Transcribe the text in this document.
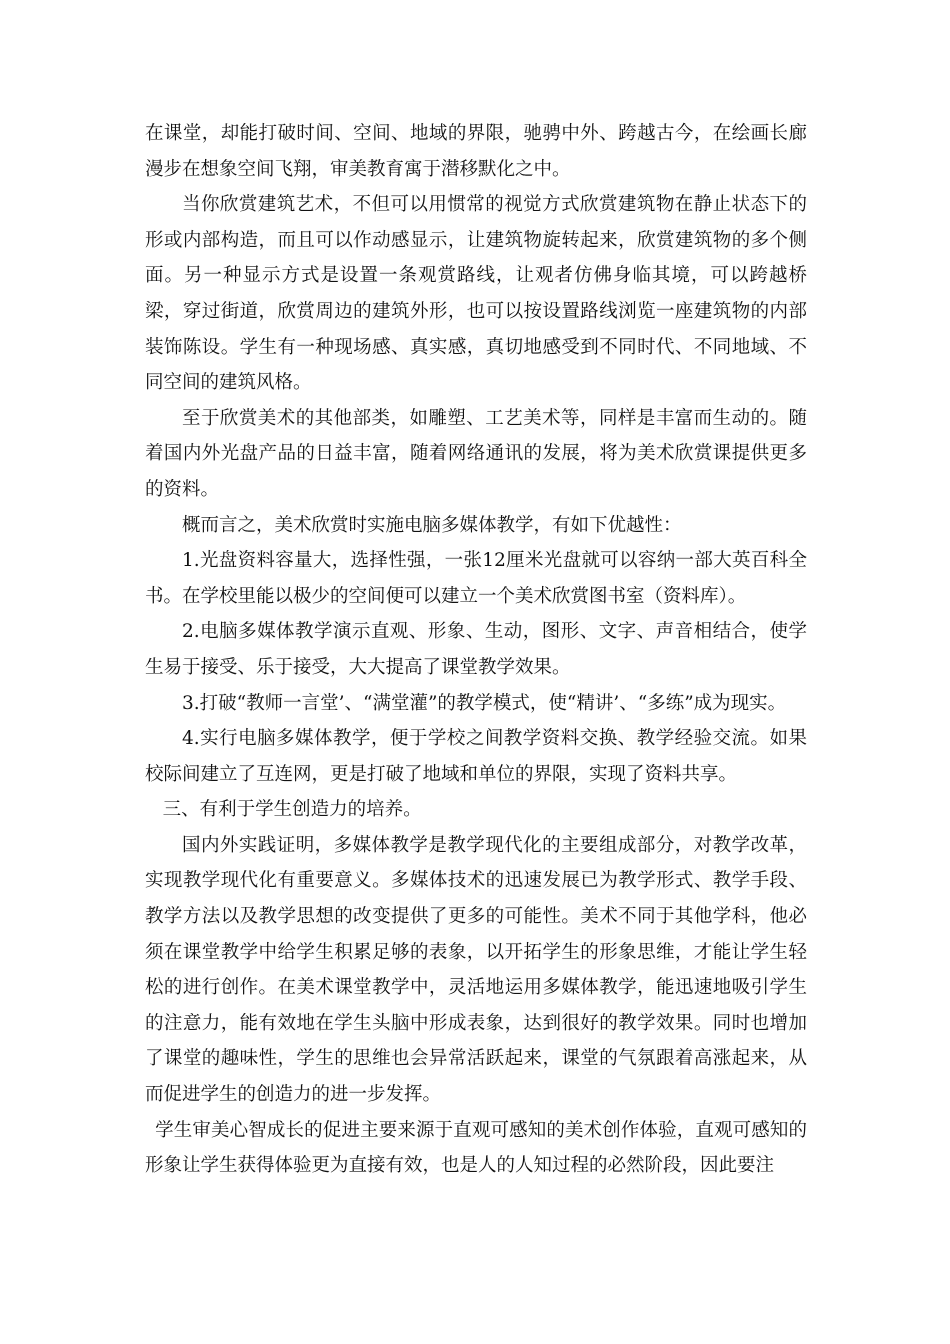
在课堂，却能打破时间、空间、地域的界限，驰骋中外、跨越古今，在绘画长廊漫步在想象空间飞翔，审美教育寓于潜移默化之中。

当你欣赏建筑艺术，不但可以用惯常的视觉方式欣赏建筑物在静止状态下的形或内部构造，而且可以作动感显示，让建筑物旋转起来，欣赏建筑物的多个侧面。另一种显示方式是设置一条观赏路线，让观者仿佛身临其境，可以跨越桥梁，穿过街道，欣赏周边的建筑外形，也可以按设置路线浏览一座建筑物的内部装饰陈设。学生有一种现场感、真实感，真切地感受到不同时代、不同地域、不同空间的建筑风格。

至于欣赏美术的其他部类，如雕塑、工艺美术等，同样是丰富而生动的。随着国内外光盘产品的日益丰富，随着网络通讯的发展，将为美术欣赏课提供更多的资料。

概而言之，美术欣赏时实施电脑多媒体教学，有如下优越性：

1.光盘资料容量大，选择性强，一张12厘米光盘就可以容纳一部大英百科全书。在学校里能以极少的空间便可以建立一个美术欣赏图书室（资料库）。

2.电脑多媒体教学演示直观、形象、生动，图形、文字、声音相结合，使学生易于接受、乐于接受，大大提高了课堂教学效果。

3.打破“教师一言堂’、“满堂灌”的教学模式，使“精讲’、“多练”成为现实。

4.实行电脑多媒体教学，便于学校之间教学资料交换、教学经验交流。如果校际间建立了互连网，更是打破了地域和单位的界限，实现了资料共享。

三、有利于学生创造力的培养。

国内外实践证明，多媒体教学是教学现代化的主要组成部分，对教学改革，实现教学现代化有重要意义。多媒体技术的迅速发展已为教学形式、教学手段、教学方法以及教学思想的改变提供了更多的可能性。美术不同于其他学科，他必须在课堂教学中给学生积累足够的表象，以开拓学生的形象思维，才能让学生轻松的进行创作。在美术课堂教学中，灵活地运用多媒体教学，能迅速地吸引学生的注意力，能有效地在学生头脑中形成表象，达到很好的教学效果。同时也增加了课堂的趣味性，学生的思维也会异常活跃起来，课堂的气氛跟着高涨起来，从而促进学生的创造力的进一步发挥。

学生审美心智成长的促进主要来源于直观可感知的美术创作体验，直观可感知的形象让学生获得体验更为直接有效，也是人的人知过程的必然阶段，因此要注
